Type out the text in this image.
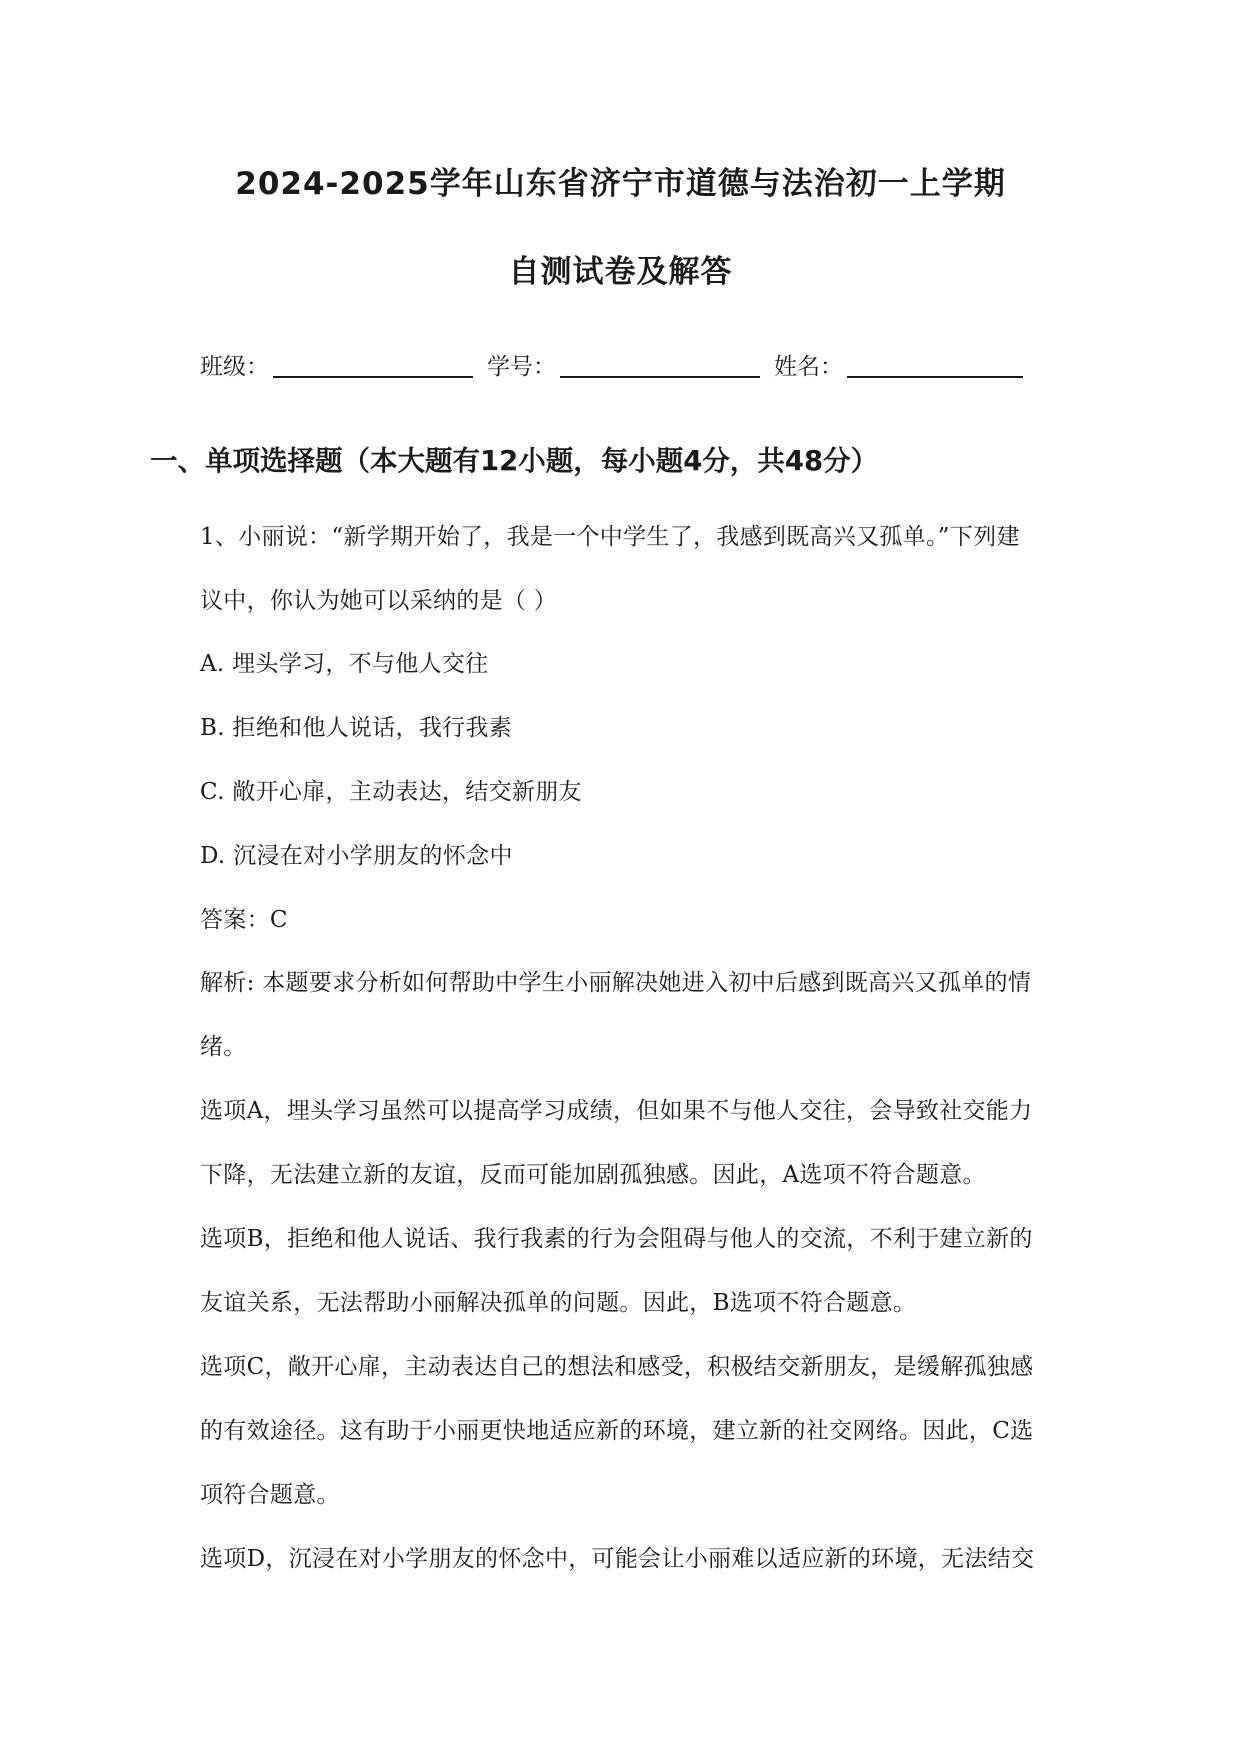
2024-2025学年山东省济宁市道德与法治初一上学期
自测试卷及解答
班级：	学号：	姓名：
一、单项选择题（本大题有12小题，每小题4分，共48分）
1、小丽说：“新学期开始了，我是一个中学生了，我感到既高兴又孤单。”下列建
议中，你认为她可以采纳的是（ ）
A. 埋头学习，不与他人交往
B. 拒绝和他人说话，我行我素
C. 敞开心扉，主动表达，结交新朋友
D. 沉浸在对小学朋友的怀念中
答案：C
解析: 本题要求分析如何帮助中学生小丽解决她进入初中后感到既高兴又孤单的情
绪。
选项A，埋头学习虽然可以提高学习成绩，但如果不与他人交往，会导致社交能力
下降，无法建立新的友谊，反而可能加剧孤独感。因此，A选项不符合题意。
选项B，拒绝和他人说话、我行我素的行为会阻碍与他人的交流，不利于建立新的
友谊关系，无法帮助小丽解决孤单的问题。因此，B选项不符合题意。
选项C，敞开心扉，主动表达自己的想法和感受，积极结交新朋友，是缓解孤独感
的有效途径。这有助于小丽更快地适应新的环境，建立新的社交网络。因此，C选
项符合题意。
选项D，沉浸在对小学朋友的怀念中，可能会让小丽难以适应新的环境，无法结交
